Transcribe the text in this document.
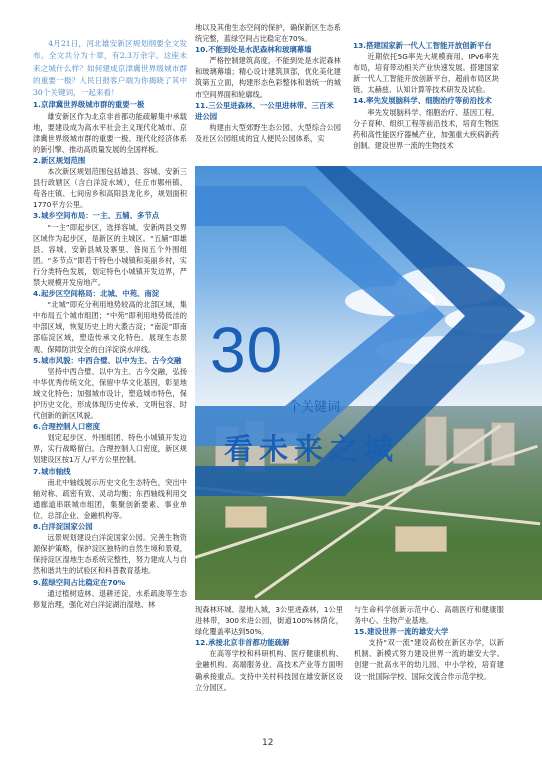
4月21日，河北雄安新区规划纲要全文发布。全文共分为十章，有2.3万余字。这座未来之城什么样？如何建成京津冀世界级城市群的重要一极？人民日报客户端为你揭晓了其中30个关键词，一起来看！

1.京津冀世界级城市群的重要一极

雄安新区作为北京非首都功能疏解集中承载地，要建设成为高水平社会主义现代化城市、京津冀世界级城市群的重要一极、现代化经济体系的新引擎、推动高质量发展的全国样板。

2.新区规划范围

本次新区规划范围包括雄县、容城、安新三县行政辖区（含白洋淀水域），任丘市鄚州镇、苟各庄镇、七间房乡和高阳县龙化乡，规划面积1770平方公里。

3.城乡空间布局：一主、五辅、多节点

“一主”即起步区，选择容城、安新两县交界区域作为起步区，是新区的主城区。“五辅”即雄县、容城、安新县城及寨里、昝岗五个外围组团。“多节点”即若干特色小城镇和美丽乡村，实行分类特色发展，划定特色小城镇开发边界，严禁大规模开发房地产。

4.起步区空间格局：北城、中苑、南淀

“北城”即充分利用地势较高的北部区域，集中布局五个城市组团；“中苑”即利用地势低洼的中部区域，恢复历史上的大溵古淀；“南淀”即南部临淀区域，塑造传承文化特色、展现生态景观、保障防洪安全的白洋淀滨水岸线。

5.城市风貌：中西合璧、以中为主、古今交融

坚持中西合璧、以中为主、古今交融，弘扬中华优秀传统文化，保留中华文化基因，彰显地域文化特色；加强城市设计，塑造城市特色，保护历史文化，形成体现历史传承、文明包容、时代创新的新区风貌。

6.合理控制人口密度

划定起步区、外围组团、特色小城镇开发边界，实行战略留白。合理控制人口密度，新区规划建设区按1万人/平方公里控制。

7.城市轴线

南北中轴线展示历史文化生态特色，突出中轴对称、疏密有致、灵动均衡；东西轴线利用交通廊道串联城市组团，集聚创新要素、事业单位、总部企业、金融机构等。

8.白洋淀国家公园

远景规划建设白洋淀国家公园。完善生物资源保护策略，保护淀区独特的自然生境和景观，保持淀区湿地生态系统完整性，努力建成人与自然和谐共生的试验区和科普教育基地。

9.蓝绿空间占比稳定在70%

通过植树造林、退耕还淀、水系疏浚等生态修复治理，强化对白洋淀湖泊湿地、林

地以及其他生态空间的保护，确保新区生态系统完整，蓝绿空间占比稳定在70%。

10.不能到处是水泥森林和玻璃幕墙

严格控制建筑高度，不能到处是水泥森林和玻璃幕墙；精心设计建筑顶部，优化美化建筑第五立面，构建形态色彩整体和谐统一的城市空间界面和轮廓线。

11.三公里进森林、一公里进林带、三百米进公园

构建由大型郊野生态公园、大型综合公园及社区公园组成的宜人便民公园体系，实

13.搭建国家新一代人工智能开放创新平台

近期依托5G率先大规模商用、IPv6率先布局，培育带动相关产业快速发展。搭建国家新一代人工智能开放创新平台，超前布局区块链、太赫兹、认知计算等技术研发及试验。

14.率先发展脑科学、细胞治疗等前沿技术

率先发展脑科学、细胞治疗、基因工程、分子育种、组织工程等前沿技术，培育生物医药和高性能医疗器械产业，加强重大疾病新药创制。建设世界一流的生物技术

30
个关键词
看未来之城

现森林环城、湿地入城，3公里进森林，1公里进林带，300米进公园，街道100%林荫化，绿化覆盖率达到50%。

12.承接北京非首都功能疏解

在高等学校和科研机构、医疗健康机构、金融机构、高端服务业、高技术产业等方面明确承接重点。支持中关村科技园在雄安新区设立分园区。

与生命科学创新示范中心、高端医疗和健康服务中心、生物产业基地。

15.建设世界一流的雄安大学

支持“双一流”建设高校在新区办学，以新机制、新模式努力建设世界一流的雄安大学。创建一批高水平的幼儿园、中小学校，培育建设一批国际学校、国际交流合作示范学校。

12
